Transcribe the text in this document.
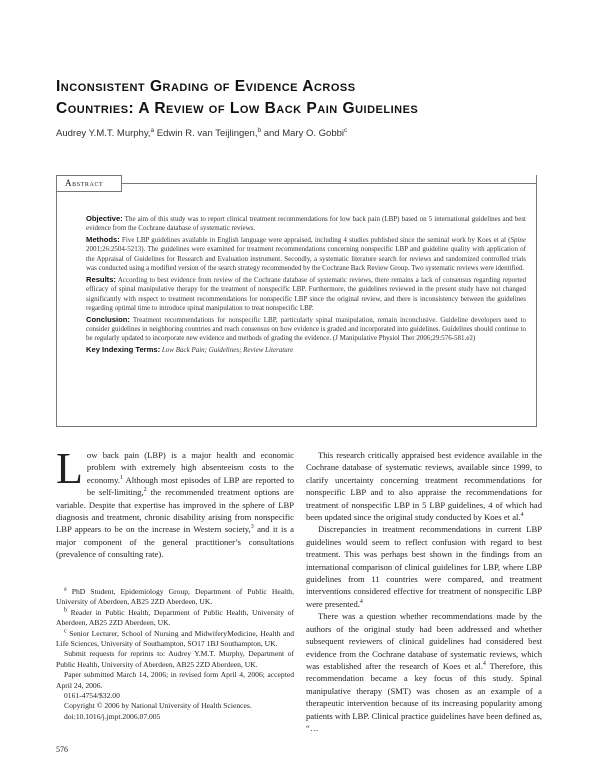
Inconsistent Grading of Evidence Across
Countries: A Review of Low Back Pain Guidelines
Audrey Y.M.T. Murphy,$^a$ Edwin R. van Teijlingen,$^b$ and Mary O. Gobbi$^c$
Abstract

Objective: The aim of this study was to report clinical treatment recommendations for low back pain (LBP) based on 5 international guidelines and best evidence from the Cochrane database of systematic reviews.

Methods: Five LBP guidelines available in English language were appraised, including 4 studies published since the seminal work by Koes et al (Spine 2001;26:2504-5213). The guidelines were examined for treatment recommendations concerning nonspecific LBP and guideline quality with application of the Appraisal of Guidelines for Research and Evaluation instrument. Secondly, a systematic literature search for reviews and randomized controlled trials was conducted using a modified version of the search strategy recommended by the Cochrane Back Review Group. Two systematic reviews were identified.

Results: According to best evidence from review of the Cochrane database of systematic reviews, there remains a lack of consensus regarding reported efficacy of spinal manipulative therapy for the treatment of nonspecific LBP. Furthermore, the guidelines reviewed in the present study have not changed significantly with respect to treatment recommendations for nonspecific LBP since the original review, and there is inconsistency between the guidelines regarding optimal time to introduce spinal manipulation to treat nonspecific LBP.

Conclusion: Treatment recommendations for nonspecific LBP, particularly spinal manipulation, remain inconclusive. Guideline developers need to consider guidelines in neighboring countries and reach consensus on how evidence is graded and incorporated into guidelines. Guidelines should continue to be regularly updated to incorporate new evidence and methods of grading the evidence. (J Manipulative Physiol Ther 2006;29:576-581.e2)

Key Indexing Terms: Low Back Pain; Guidelines; Review Literature

Low back pain (LBP) is a major health and economic problem with extremely high absenteeism costs to the economy.$^1$ Although most episodes of LBP are reported to be self-limiting,$^2$ the recommended treatment options are variable. Despite that expertise has improved in the sphere of LBP diagnosis and treatment, chronic disability arising from nonspecific LBP appears to be on the increase in Western society,$^3$ and it is a major component of the general practitioner’s consultations (prevalence of consulting rate).

$^a$ PhD Student, Epidemiology Group, Department of Public Health, University of Aberdeen, AB25 2ZD Aberdeen, UK.

$^b$ Reader in Public Health, Department of Public Health, University of Aberdeen, AB25 2ZD Aberdeen, UK.

$^c$ Senior Lecturer, School of Nursing and MidwiferyMedicine, Health and Life Sciences, University of Southampton, SO17 1BJ Southampton, UK.

Submit requests for reprints to: Audrey Y.M.T. Murphy, Department of Public Health, University of Aberdeen, AB25 2ZD Aberdeen, UK.

Paper submitted March 14, 2006; in revised form April 4, 2006; accepted April 24, 2006.

0161-4754/$32.00

Copyright © 2006 by National University of Health Sciences.

doi:10.1016/j.jmpt.2006.07.005

This research critically appraised best evidence available in the Cochrane database of systematic reviews, available since 1999, to clarify uncertainty concerning treatment recommendations for nonspecific LBP and to also appraise the recommendations for treatment of nonspecific LBP in 5 LBP guidelines, 4 of which had been updated since the original study conducted by Koes et al.$^4$

Discrepancies in treatment recommendations in current LBP guidelines would seem to reflect confusion with regard to best treatment. This was perhaps best shown in the findings from an international comparison of clinical guidelines for LBP, where LBP guidelines from 11 countries were compared, and treatment interventions considered effective for treatment of nonspecific LBP were presented.$^4$

There was a question whether recommendations made by the authors of the original study had been addressed and whether subsequent reviewers of clinical guidelines had considered best evidence from the Cochrane database of systematic reviews, which was established after the research of Koes et al.$^4$ Therefore, this recommendation became a key focus of this study. Spinal manipulative therapy (SMT) was chosen as an example of a therapeutic intervention because of its increasing popularity among patients with LBP. Clinical practice guidelines have been defined as, “…

576
